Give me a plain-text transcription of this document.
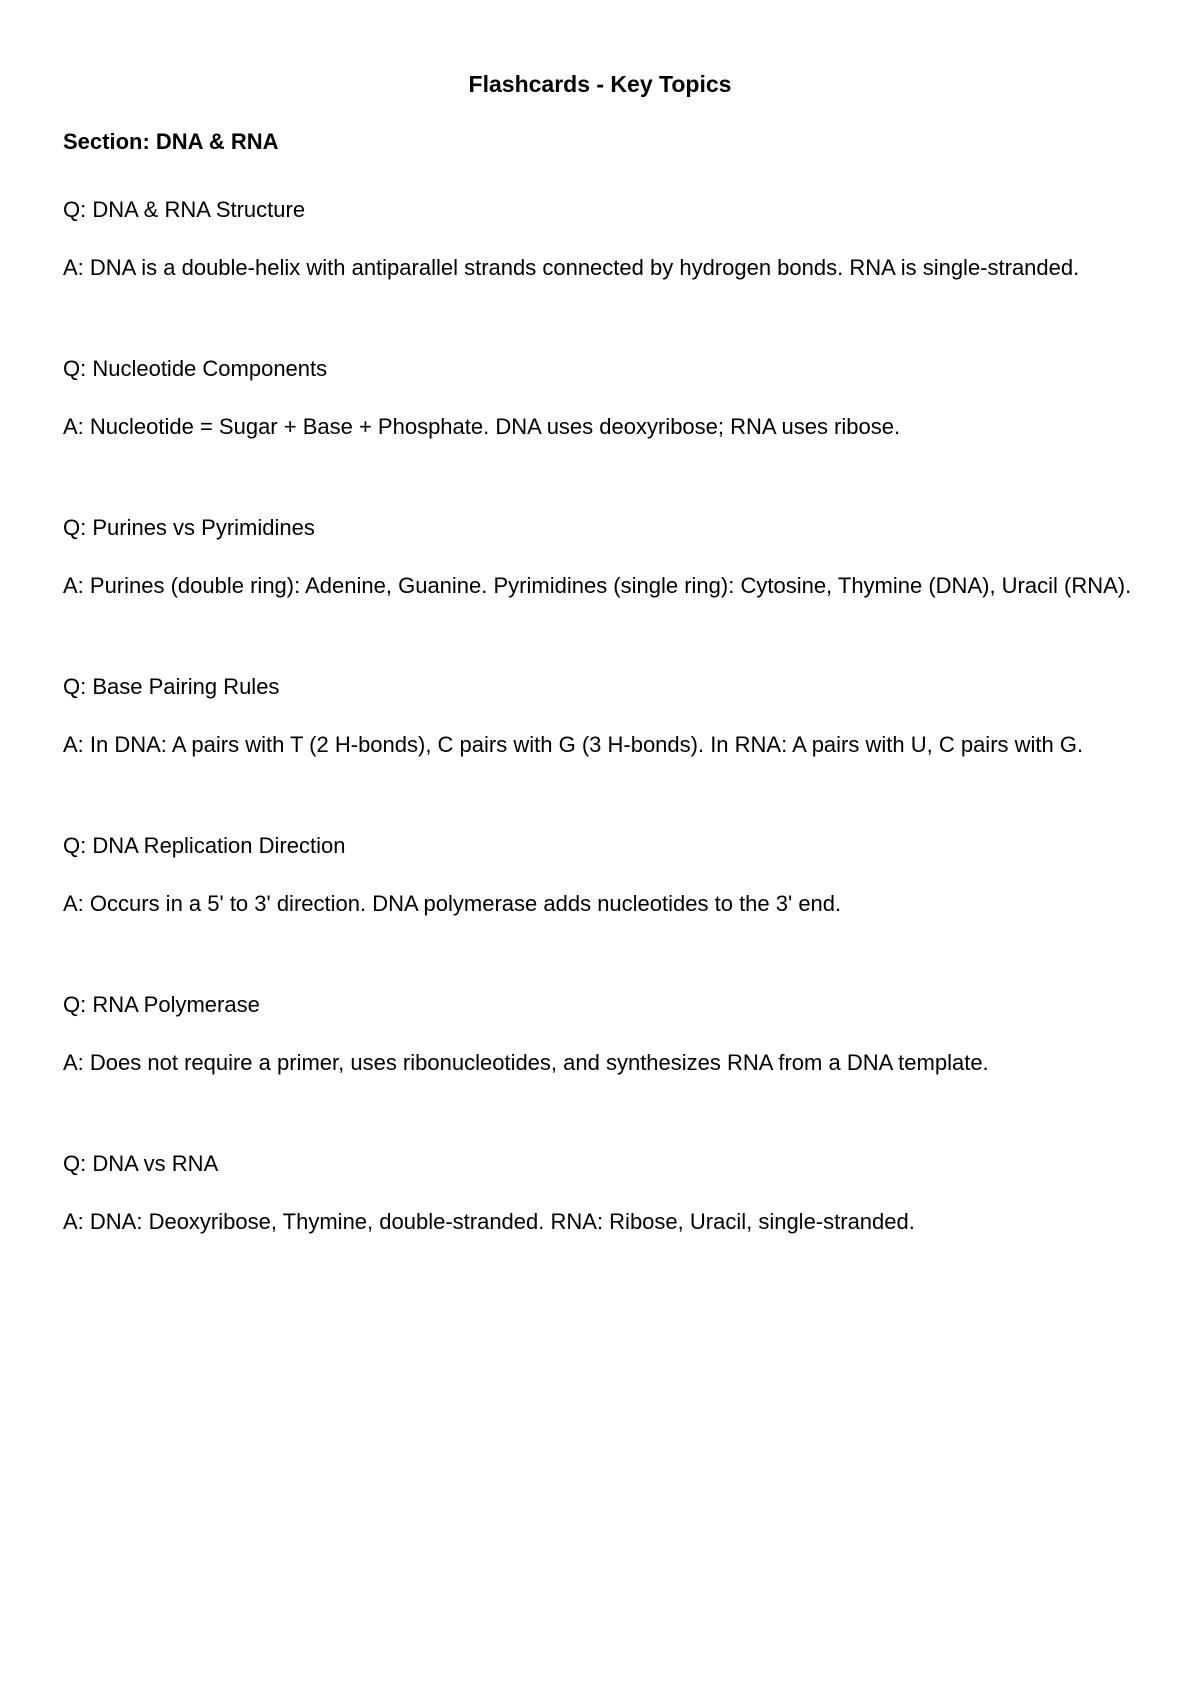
Flashcards - Key Topics
Section: DNA & RNA
Q: DNA & RNA Structure
A: DNA is a double-helix with antiparallel strands connected by hydrogen bonds. RNA is single-stranded.
Q: Nucleotide Components
A: Nucleotide = Sugar + Base + Phosphate. DNA uses deoxyribose; RNA uses ribose.
Q: Purines vs Pyrimidines
A: Purines (double ring): Adenine, Guanine. Pyrimidines (single ring): Cytosine, Thymine (DNA), Uracil (RNA).
Q: Base Pairing Rules
A: In DNA: A pairs with T (2 H-bonds), C pairs with G (3 H-bonds). In RNA: A pairs with U, C pairs with G.
Q: DNA Replication Direction
A: Occurs in a 5' to 3' direction. DNA polymerase adds nucleotides to the 3' end.
Q: RNA Polymerase
A: Does not require a primer, uses ribonucleotides, and synthesizes RNA from a DNA template.
Q: DNA vs RNA
A: DNA: Deoxyribose, Thymine, double-stranded. RNA: Ribose, Uracil, single-stranded.
